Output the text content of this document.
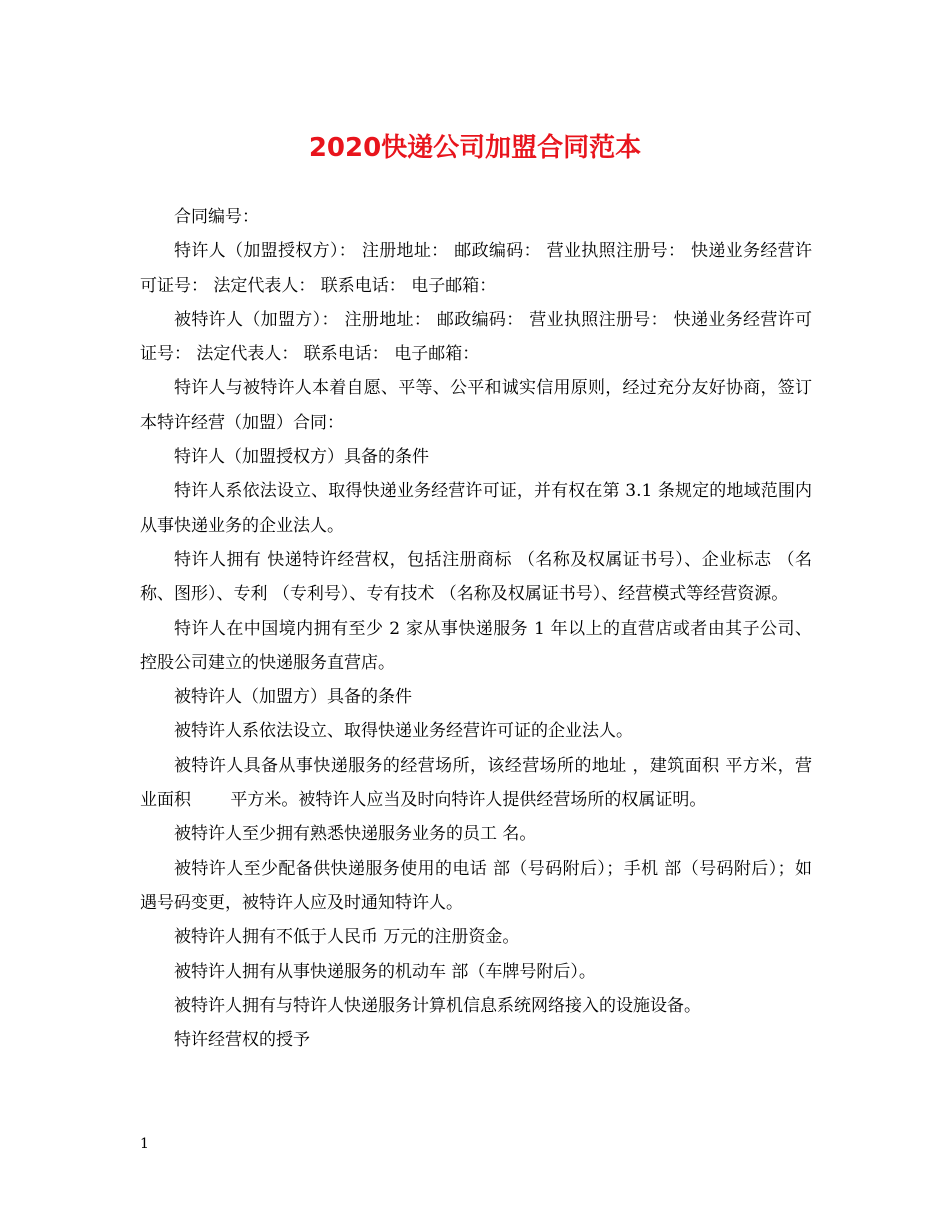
2020快递公司加盟合同范本

合同编号：

特许人（加盟授权方）： 注册地址： 邮政编码： 营业执照注册号： 快递业务经营许可证号： 法定代表人： 联系电话： 电子邮箱：

被特许人（加盟方）： 注册地址： 邮政编码： 营业执照注册号： 快递业务经营许可证号： 法定代表人： 联系电话： 电子邮箱：

特许人与被特许人本着自愿、平等、公平和诚实信用原则，经过充分友好协商，签订本特许经营（加盟）合同：

特许人（加盟授权方）具备的条件

特许人系依法设立、取得快递业务经营许可证，并有权在第 3.1 条规定的地域范围内从事快递业务的企业法人。

特许人拥有 快递特许经营权，包括注册商标 （名称及权属证书号）、企业标志 （名称、图形）、专利 （专利号）、专有技术 （名称及权属证书号）、经营模式等经营资源。

特许人在中国境内拥有至少 2 家从事快递服务 1 年以上的直营店或者由其子公司、控股公司建立的快递服务直营店。

被特许人（加盟方）具备的条件

被特许人系依法设立、取得快递业务经营许可证的企业法人。

被特许人具备从事快递服务的经营场所，该经营场所的地址 ，建筑面积 平方米，营业面积　　 平方米。被特许人应当及时向特许人提供经营场所的权属证明。

被特许人至少拥有熟悉快递服务业务的员工 名。

被特许人至少配备供快递服务使用的电话 部（号码附后）；手机 部（号码附后）；如遇号码变更，被特许人应及时通知特许人。

被特许人拥有不低于人民币 万元的注册资金。

被特许人拥有从事快递服务的机动车 部（车牌号附后）。

被特许人拥有与特许人快递服务计算机信息系统网络接入的设施设备。

特许经营权的授予

1
